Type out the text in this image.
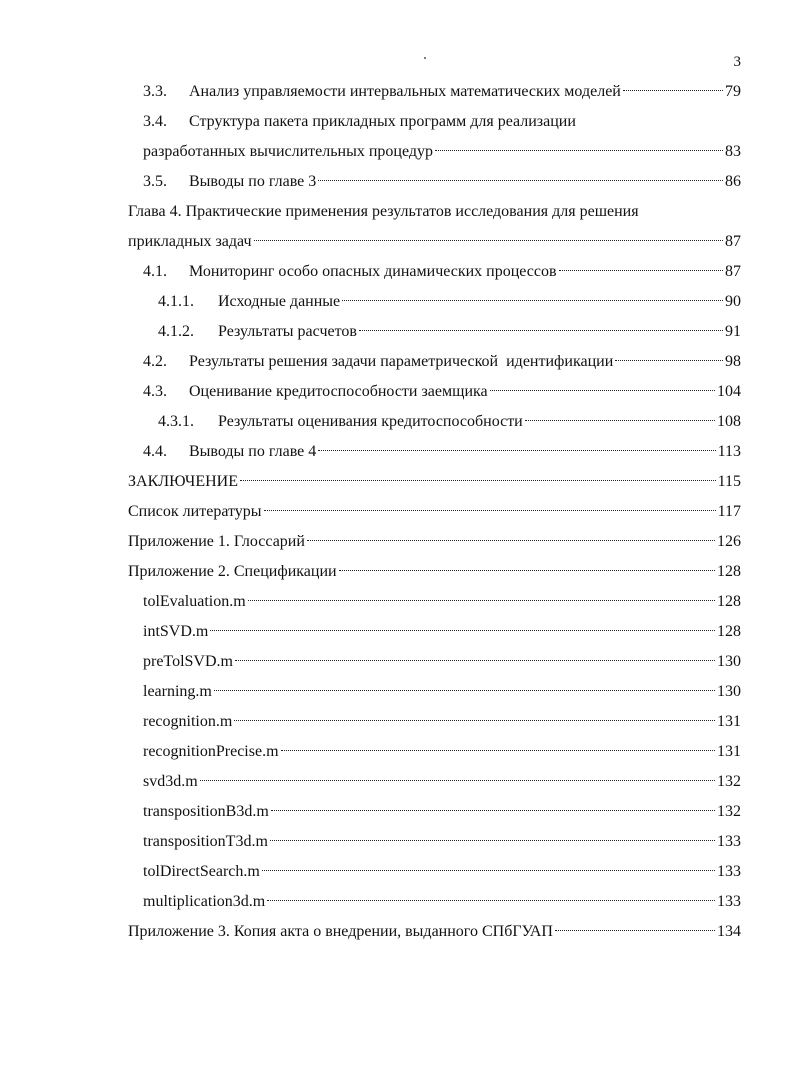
3
3.3.	Анализ управляемости интервальных математических моделей	79
3.4. Структура пакета прикладных программ для реализации
разработанных вычислительных процедур	83
3.5.	Выводы по главе 3	86
Глава 4. Практические применения результатов исследования для решения
прикладных задач	87
4.1.	Мониторинг особо опасных динамических процессов	87
4.1.1.	Исходные данные	90
4.1.2.	Результаты расчетов	91
4.2.	Результаты решения задачи параметрической  идентификации	98
4.3.	Оценивание кредитоспособности заемщика	104
4.3.1.	Результаты оценивания кредитоспособности	108
4.4.	Выводы по главе 4	113
ЗАКЛЮЧЕНИЕ	115
Список литературы	117
Приложение 1. Глоссарий	126
Приложение 2. Спецификации	128
tolEvaluation.m	128
intSVD.m	128
preTolSVD.m	130
learning.m	130
recognition.m	131
recognitionPrecise.m	131
svd3d.m	132
transpositionB3d.m	132
transpositionT3d.m	133
tolDirectSearch.m	133
multiplication3d.m	133
Приложение 3. Копия акта о внедрении, выданного СПбГУАП	134
